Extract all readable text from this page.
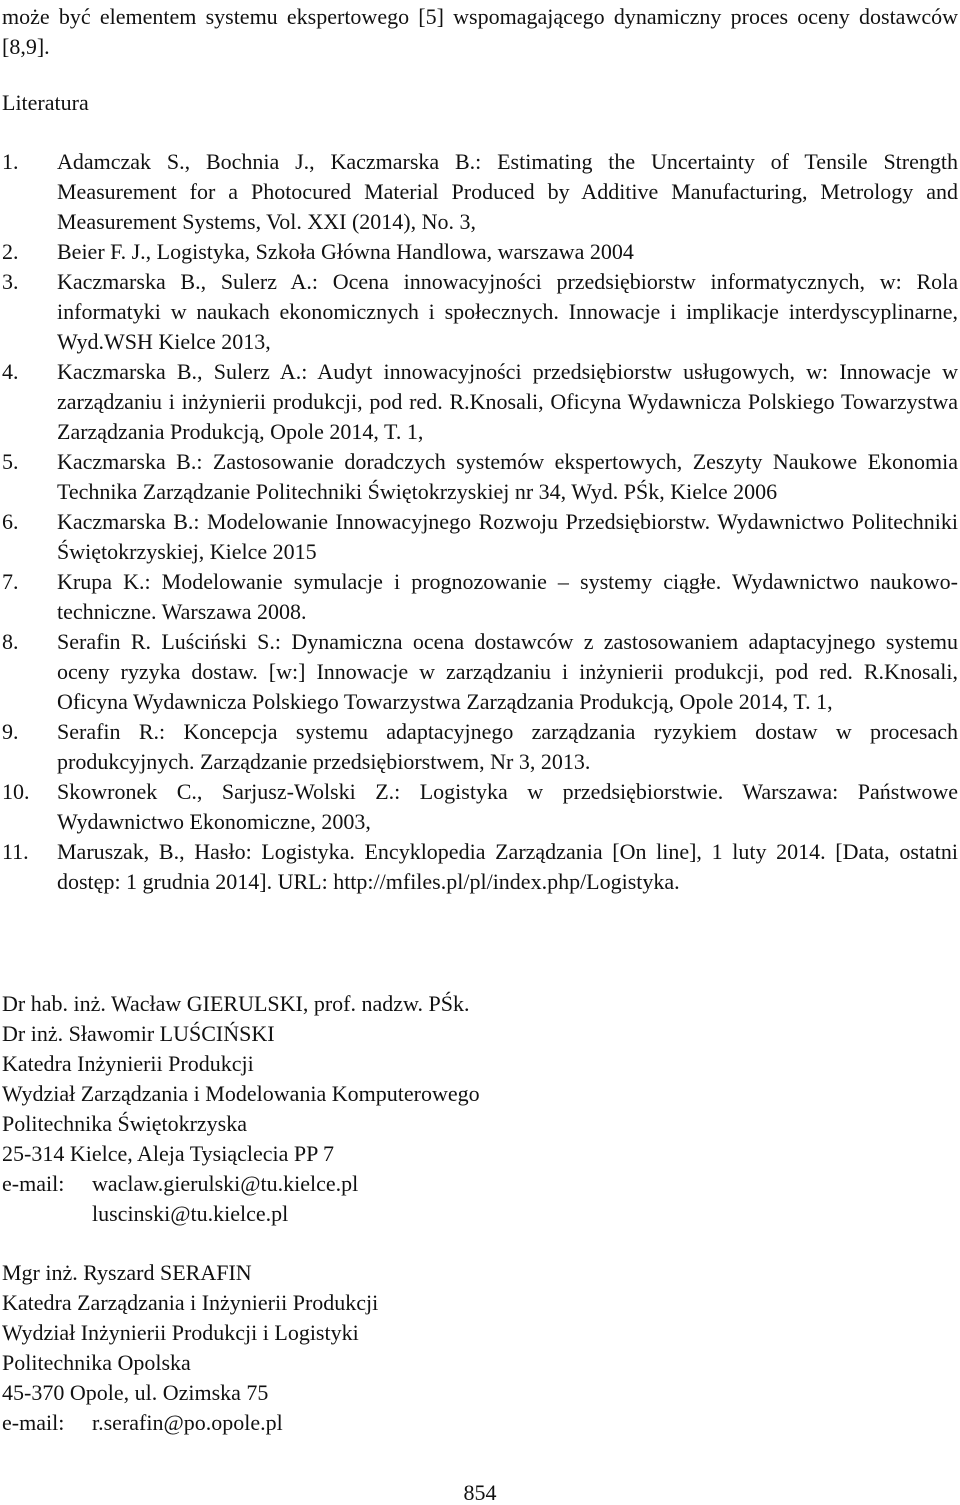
może być elementem systemu ekspertowego [5] wspomagającego dynamiczny proces oceny dostawców [8,9].

Literatura
1. Adamczak S., Bochnia J., Kaczmarska B.: Estimating the Uncertainty of Tensile Strength Measurement for a Photocured Material Produced by Additive Manufacturing, Metrology and Measurement Systems, Vol. XXI (2014), No. 3,
2. Beier F. J., Logistyka, Szkoła Główna Handlowa, warszawa 2004
3. Kaczmarska B., Sulerz A.: Ocena innowacyjności przedsiębiorstw informatycznych, w: Rola informatyki w naukach ekonomicznych i społecznych. Innowacje i implikacje interdyscyplinarne, Wyd.WSH Kielce 2013,
4. Kaczmarska B., Sulerz A.: Audyt innowacyjności przedsiębiorstw usługowych, w: Innowacje w zarządzaniu i inżynierii produkcji, pod red. R.Knosali, Oficyna Wydawnicza Polskiego Towarzystwa Zarządzania Produkcją, Opole 2014, T. 1,
5. Kaczmarska B.: Zastosowanie doradczych systemów ekspertowych, Zeszyty Naukowe Ekonomia Technika Zarządzanie Politechniki Świętokrzyskiej nr 34, Wyd. PŚk, Kielce 2006
6. Kaczmarska B.: Modelowanie Innowacyjnego Rozwoju Przedsiębiorstw. Wydawnictwo Politechniki Świętokrzyskiej, Kielce 2015
7. Krupa K.: Modelowanie symulacje i prognozowanie – systemy ciągłe. Wydawnictwo naukowo-techniczne. Warszawa 2008.
8. Serafin R. Luściński S.: Dynamiczna ocena dostawców z zastosowaniem adaptacyjnego systemu oceny ryzyka dostaw. [w:] Innowacje w zarządzaniu i inżynierii produkcji, pod red. R.Knosali, Oficyna Wydawnicza Polskiego Towarzystwa Zarządzania Produkcją, Opole 2014, T. 1,
9. Serafin R.: Koncepcja systemu adaptacyjnego zarządzania ryzykiem dostaw w procesach produkcyjnych. Zarządzanie przedsiębiorstwem, Nr 3, 2013.
10. Skowronek C., Sarjusz-Wolski Z.: Logistyka w przedsiębiorstwie. Warszawa: Państwowe Wydawnictwo Ekonomiczne, 2003,
11. Maruszak, B., Hasło: Logistyka. Encyklopedia Zarządzania [On line], 1 luty 2014. [Data, ostatni dostęp: 1 grudnia 2014]. URL: http://mfiles.pl/pl/index.php/Logistyka.
Dr hab. inż. Wacław GIERULSKI, prof. nadzw. PŚk.
Dr inż. Sławomir LUŚCIŃSKI
Katedra Inżynierii Produkcji
Wydział Zarządzania i Modelowania Komputerowego
Politechnika Świętokrzyska
25-314 Kielce, Aleja Tysiąclecia PP 7
e-mail: waclaw.gierulski@tu.kielce.pl
luscinski@tu.kielce.pl
Mgr inż. Ryszard SERAFIN
Katedra Zarządzania i Inżynierii Produkcji
Wydział Inżynierii Produkcji i Logistyki
Politechnika Opolska
45-370 Opole, ul. Ozimska 75
e-mail: r.serafin@po.opole.pl
854
